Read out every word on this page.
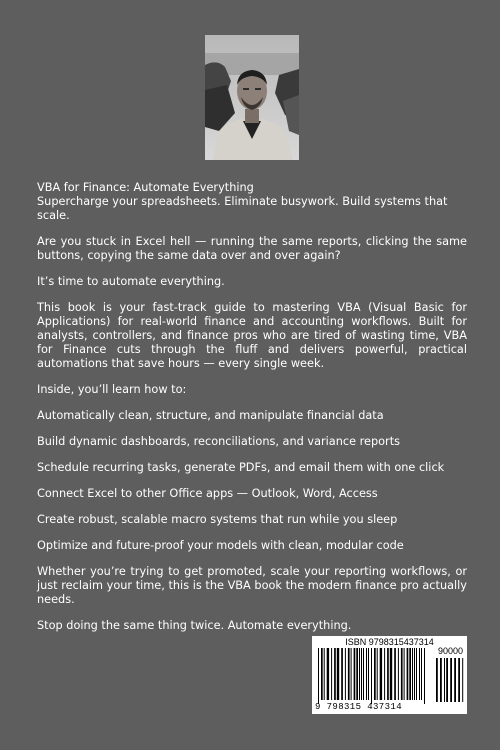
VBA for Finance: Automate Everything

Supercharge your spreadsheets. Eliminate busywork. Build systems that scale.

Are you stuck in Excel hell — running the same reports, clicking the same buttons, copying the same data over and over again?

It’s time to automate everything.

This book is your fast-track guide to mastering VBA (Visual Basic for Applications) for real-world finance and accounting workflows. Built for analysts, controllers, and finance pros who are tired of wasting time, VBA for Finance cuts through the fluff and delivers powerful, practical automations that save hours — every single week.

Inside, you’ll learn how to:

Automatically clean, structure, and manipulate financial data

Build dynamic dashboards, reconciliations, and variance reports

Schedule recurring tasks, generate PDFs, and email them with one click

Connect Excel to other Office apps — Outlook, Word, Access

Create robust, scalable macro systems that run while you sleep

Optimize and future-proof your models with clean, modular code

Whether you’re trying to get promoted, scale your reporting workflows, or just reclaim your time, this is the VBA book the modern finance pro actually needs.

Stop doing the same thing twice. Automate everything.

ISBN 9798315437314
90000
9 798315 437314
